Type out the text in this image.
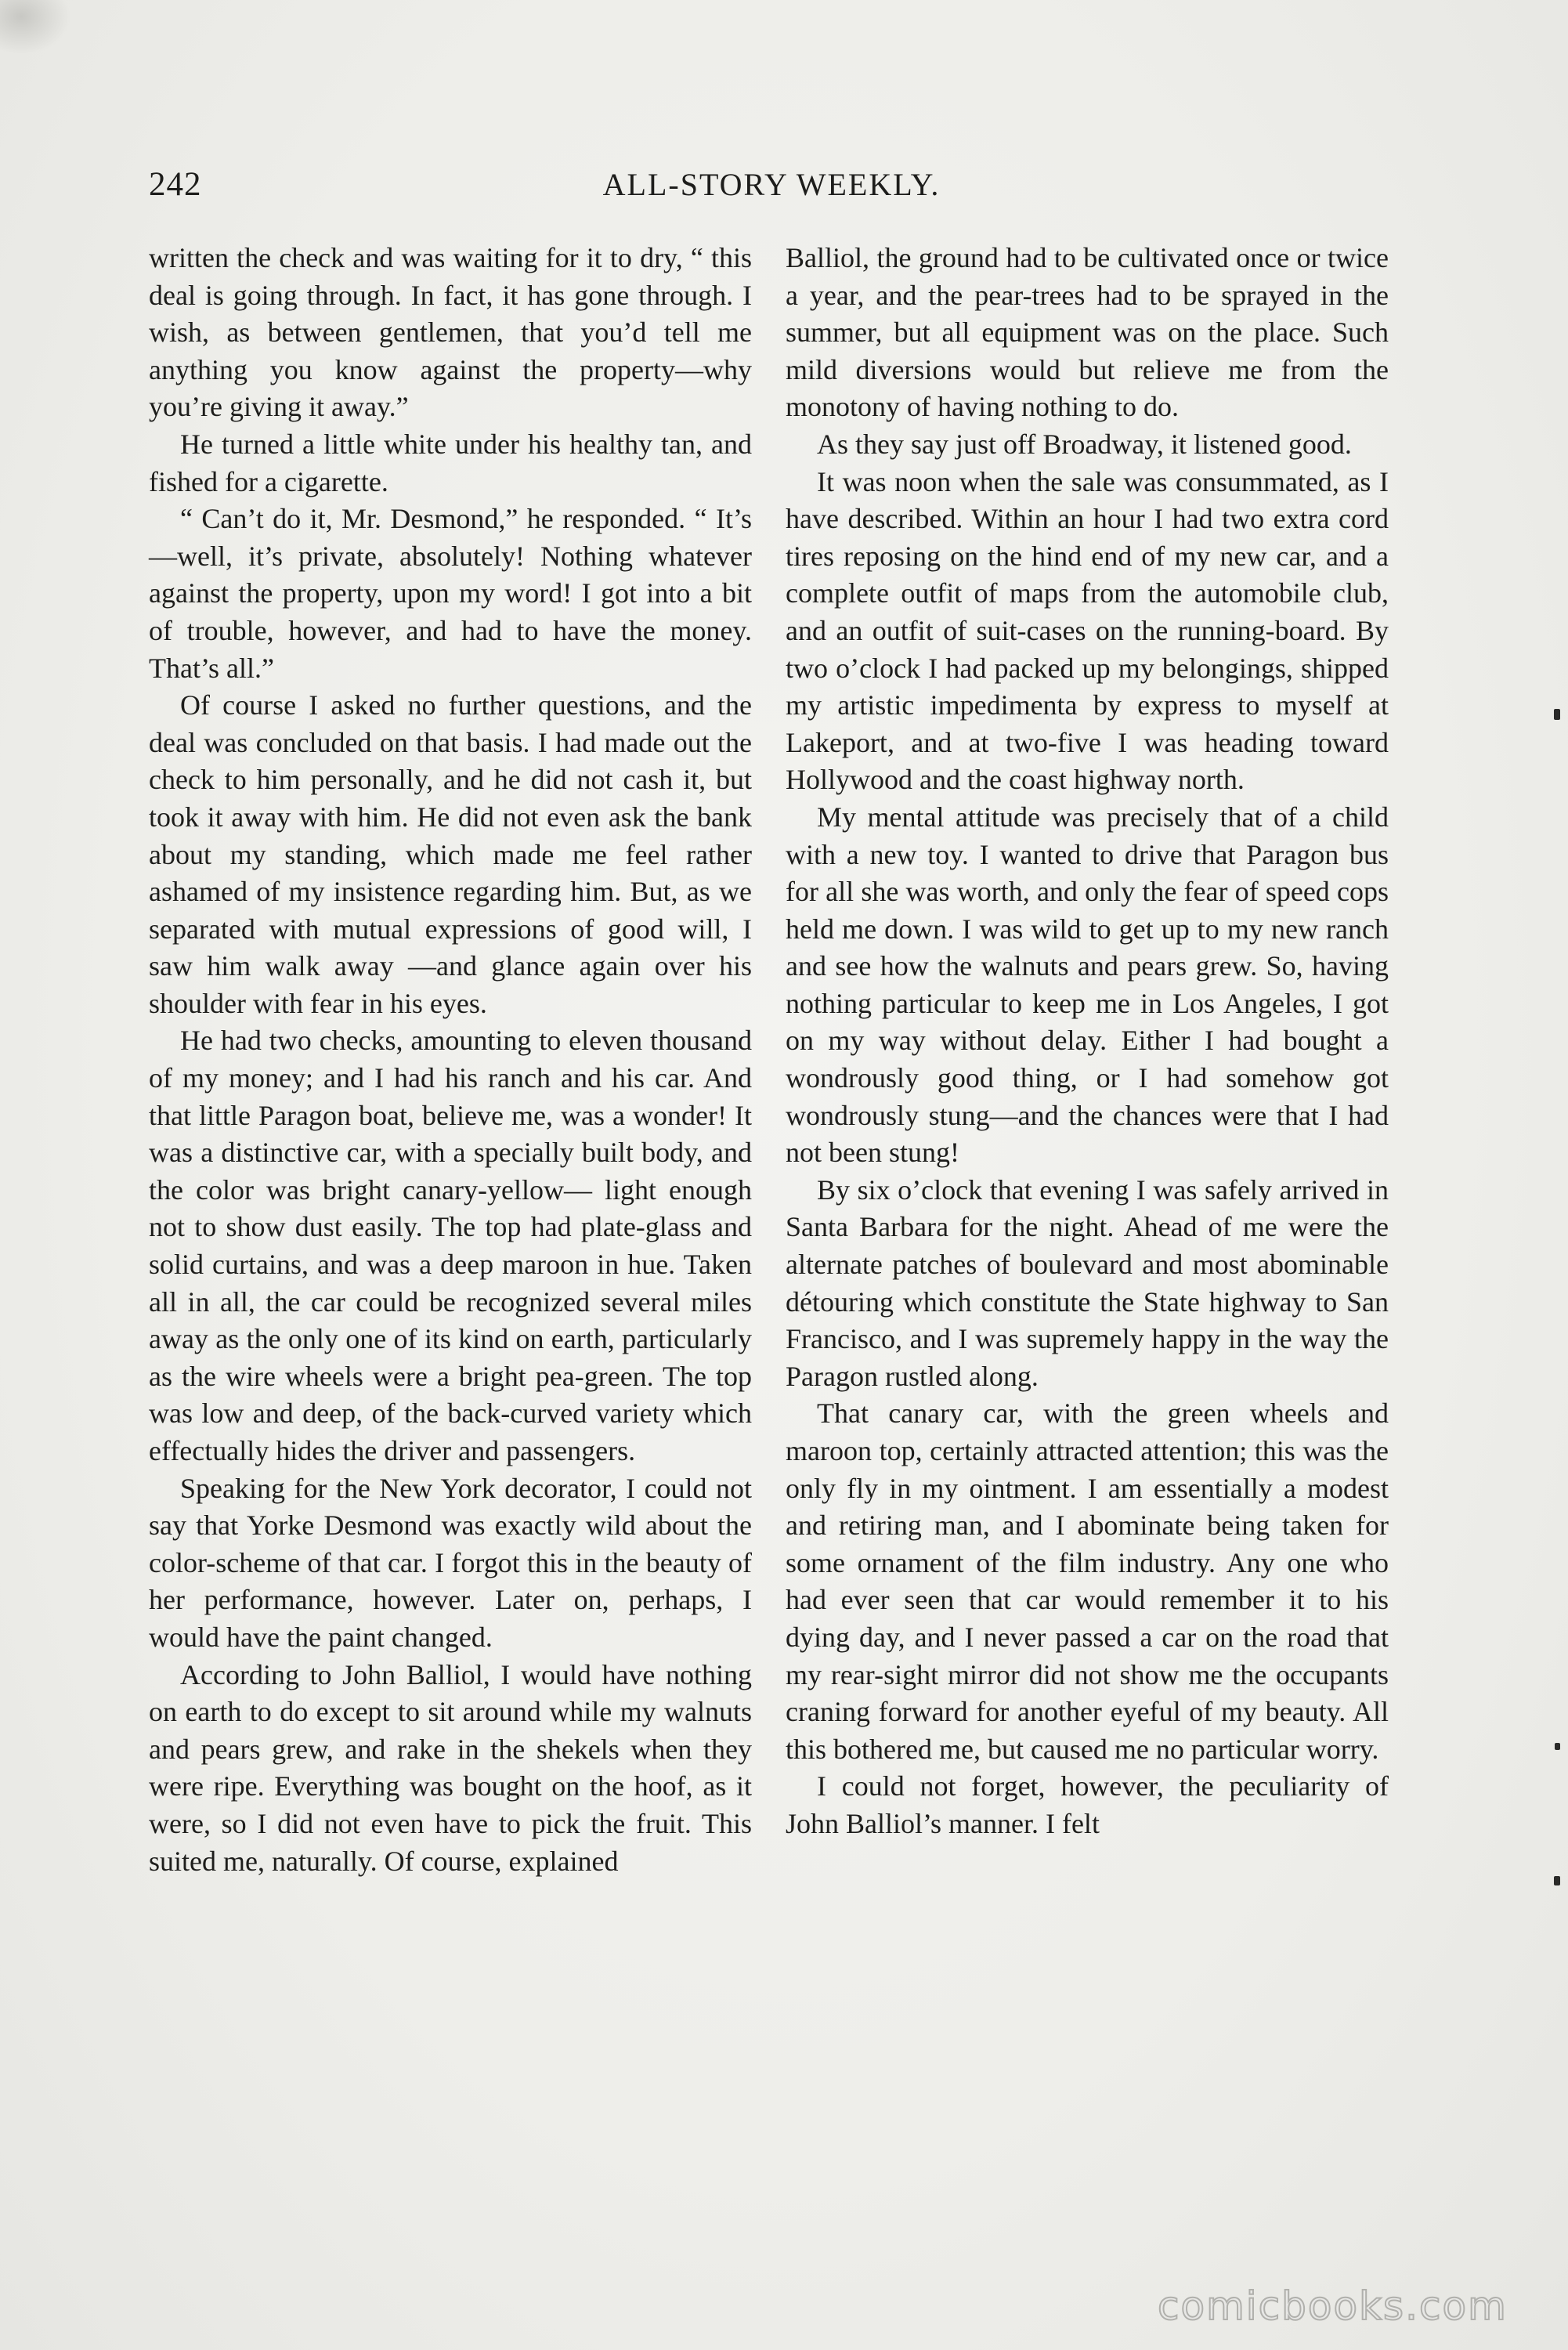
242	ALL-STORY WEEKLY.

written the check and was waiting for it to dry, “ this deal is going through. In fact, it has gone through. I wish, as between gentlemen, that you’d tell me anything you know against the property—why you’re giving it away.”

He turned a little white under his healthy tan, and fished for a cigarette.

“ Can’t do it, Mr. Desmond,” he responded. “ It’s—well, it’s private, absolutely! Nothing whatever against the property, upon my word! I got into a bit of trouble, however, and had to have the money. That’s all.”

Of course I asked no further questions, and the deal was concluded on that basis. I had made out the check to him personally, and he did not cash it, but took it away with him. He did not even ask the bank about my standing, which made me feel rather ashamed of my insistence regarding him. But, as we separated with mutual expressions of good will, I saw him walk away —and glance again over his shoulder with fear in his eyes.

He had two checks, amounting to eleven thousand of my money; and I had his ranch and his car. And that little Paragon boat, believe me, was a wonder! It was a distinctive car, with a specially built body, and the color was bright canary-yellow— light enough not to show dust easily. The top had plate-glass and solid curtains, and was a deep maroon in hue. Taken all in all, the car could be recognized several miles away as the only one of its kind on earth, particularly as the wire wheels were a bright pea-green. The top was low and deep, of the back-curved variety which effectually hides the driver and passengers.

Speaking for the New York decorator, I could not say that Yorke Desmond was exactly wild about the color-scheme of that car. I forgot this in the beauty of her performance, however. Later on, perhaps, I would have the paint changed.

According to John Balliol, I would have nothing on earth to do except to sit around while my walnuts and pears grew, and rake in the shekels when they were ripe. Everything was bought on the hoof, as it were, so I did not even have to pick the fruit. This suited me, naturally. Of course, explained

Balliol, the ground had to be cultivated once or twice a year, and the pear-trees had to be sprayed in the summer, but all equipment was on the place. Such mild diversions would but relieve me from the monotony of having nothing to do.

As they say just off Broadway, it listened good.

It was noon when the sale was consummated, as I have described. Within an hour I had two extra cord tires reposing on the hind end of my new car, and a complete outfit of maps from the automobile club, and an outfit of suit-cases on the running-board. By two o’clock I had packed up my belongings, shipped my artistic impedimenta by express to myself at Lakeport, and at two-five I was heading toward Hollywood and the coast highway north.

My mental attitude was precisely that of a child with a new toy. I wanted to drive that Paragon bus for all she was worth, and only the fear of speed cops held me down. I was wild to get up to my new ranch and see how the walnuts and pears grew. So, having nothing particular to keep me in Los Angeles, I got on my way without delay. Either I had bought a wondrously good thing, or I had somehow got wondrously stung—and the chances were that I had not been stung!

By six o’clock that evening I was safely arrived in Santa Barbara for the night. Ahead of me were the alternate patches of boulevard and most abominable détouring which constitute the State highway to San Francisco, and I was supremely happy in the way the Paragon rustled along.

That canary car, with the green wheels and maroon top, certainly attracted attention; this was the only fly in my ointment. I am essentially a modest and retiring man, and I abominate being taken for some ornament of the film industry. Any one who had ever seen that car would remember it to his dying day, and I never passed a car on the road that my rear-sight mirror did not show me the occupants craning forward for another eyeful of my beauty. All this bothered me, but caused me no particular worry.

I could not forget, however, the peculiarity of John Balliol’s manner. I felt

comicbooks.com
